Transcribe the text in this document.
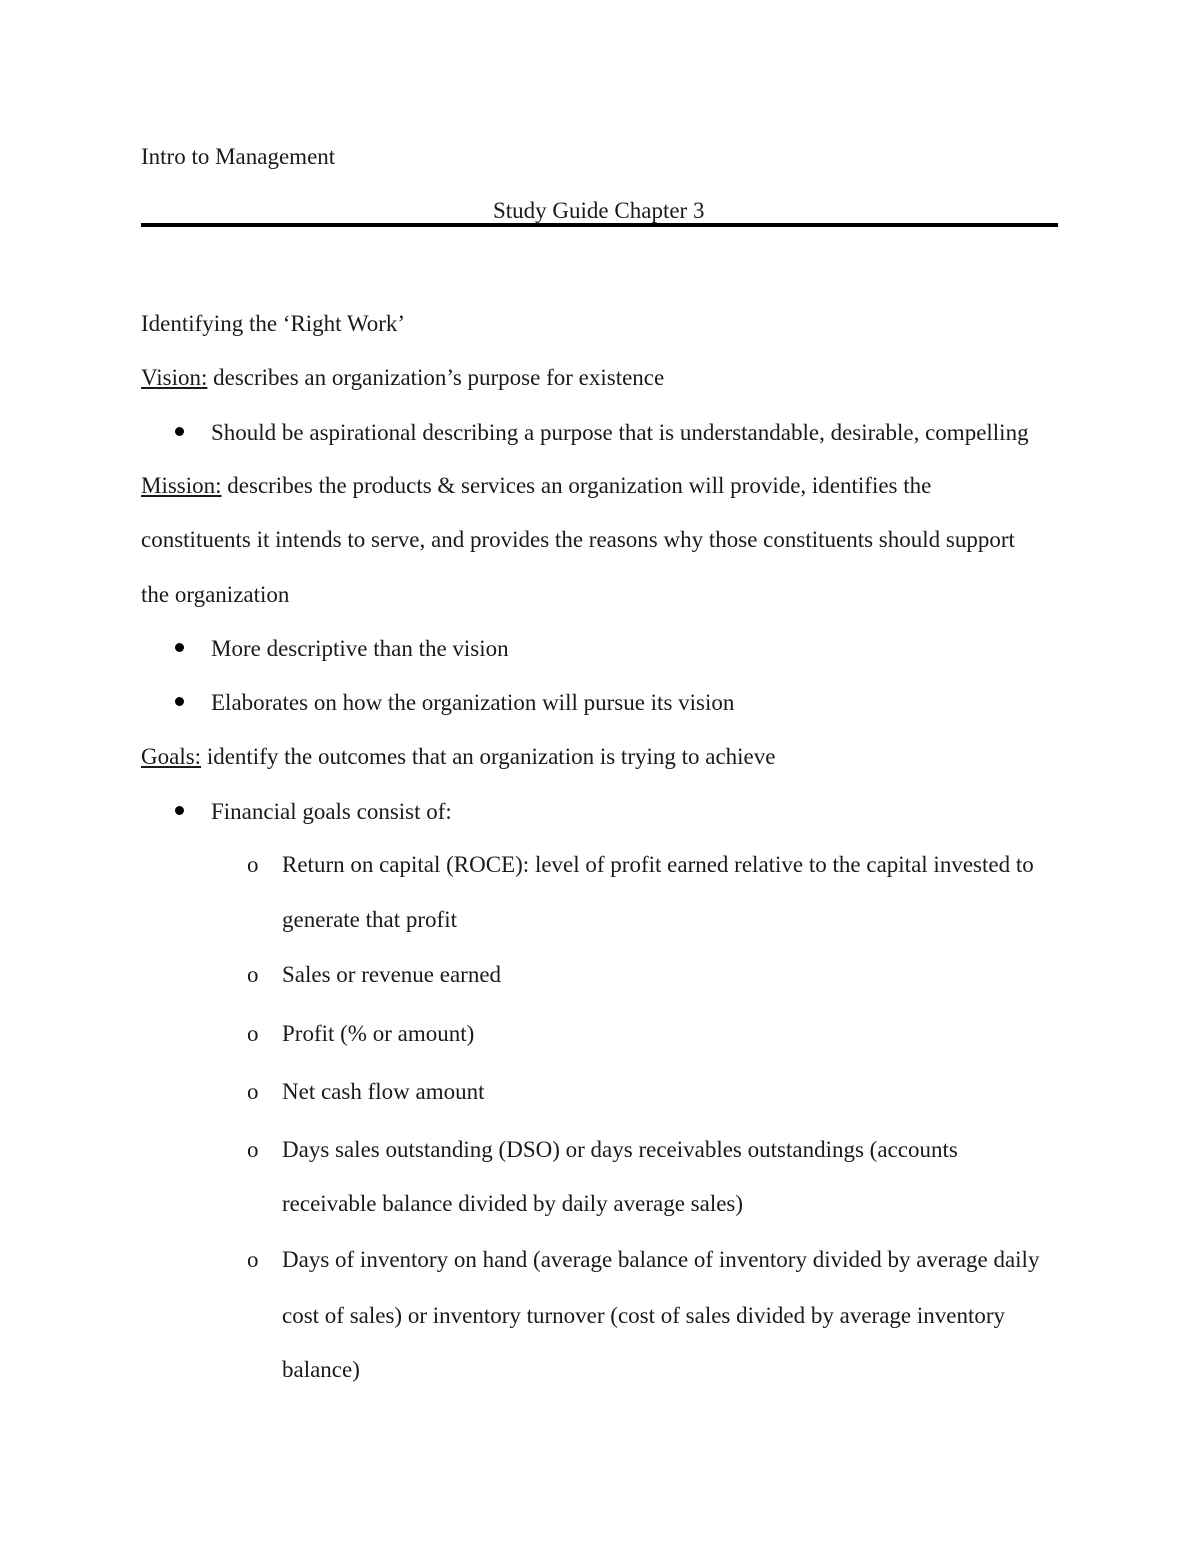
Intro to Management
Study Guide Chapter 3
Identifying the ‘Right Work’
Vision: describes an organization’s purpose for existence
Should be aspirational describing a purpose that is understandable, desirable, compelling
Mission: describes the products & services an organization will provide, identifies the
constituents it intends to serve, and provides the reasons why those constituents should support
the organization
More descriptive than the vision
Elaborates on how the organization will pursue its vision
Goals: identify the outcomes that an organization is trying to achieve
Financial goals consist of:
o Return on capital (ROCE): level of profit earned relative to the capital invested to
generate that profit
o Sales or revenue earned
o Profit (% or amount)
o Net cash flow amount
o Days sales outstanding (DSO) or days receivables outstandings (accounts
receivable balance divided by daily average sales)
o Days of inventory on hand (average balance of inventory divided by average daily
cost of sales) or inventory turnover (cost of sales divided by average inventory
balance)
